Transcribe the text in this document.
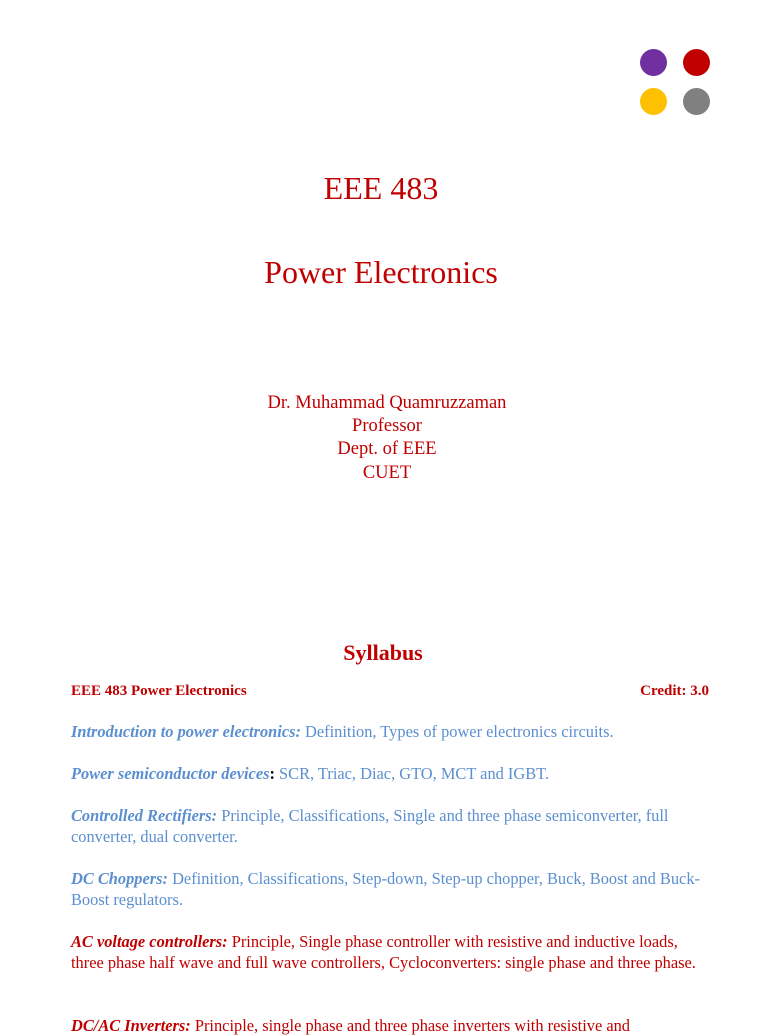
EEE 483
Power Electronics
Dr. Muhammad Quamruzzaman
Professor
Dept. of EEE
CUET
Syllabus
EEE 483 Power Electronics	Credit: 3.0
Introduction to power electronics: Definition, Types of power electronics circuits.
Power semiconductor devices: SCR, Triac, Diac, GTO, MCT and IGBT.
Controlled Rectifiers: Principle, Classifications, Single and three phase semiconverter, full converter, dual converter.
DC Choppers: Definition, Classifications, Step-down, Step-up chopper, Buck, Boost and Buck-Boost regulators.
AC voltage controllers: Principle, Single phase controller with resistive and inductive loads, three phase half wave and full wave controllers, Cycloconverters: single phase and three phase.
DC/AC Inverters: Principle, single phase and three phase inverters with resistive and
